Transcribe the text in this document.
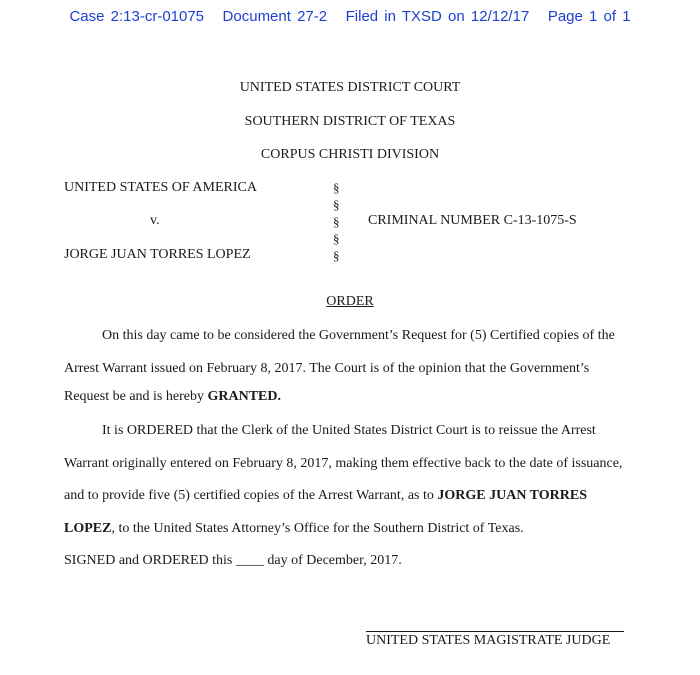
Case 2:13-cr-01075 Document 27-2 Filed in TXSD on 12/12/17 Page 1 of 1
UNITED STATES DISTRICT COURT
SOUTHERN DISTRICT OF TEXAS
CORPUS CHRISTI DIVISION
UNITED STATES OF AMERICA
v.
JORGE JUAN TORRES LOPEZ
CRIMINAL NUMBER C-13-1075-S
§
§
§
§
§
ORDER
On this day came to be considered the Government’s Request for (5) Certified copies of the
Arrest Warrant issued on February 8, 2017. The Court is of the opinion that the Government’s
Request be and is hereby GRANTED.
It is ORDERED that the Clerk of the United States District Court is to reissue the Arrest
Warrant originally entered on February 8, 2017, making them effective back to the date of issuance,
and to provide five (5) certified copies of the Arrest Warrant, as to JORGE JUAN TORRES
LOPEZ, to the United States Attorney’s Office for the Southern District of Texas.
SIGNED and ORDERED this ____ day of December, 2017.
UNITED STATES MAGISTRATE JUDGE
